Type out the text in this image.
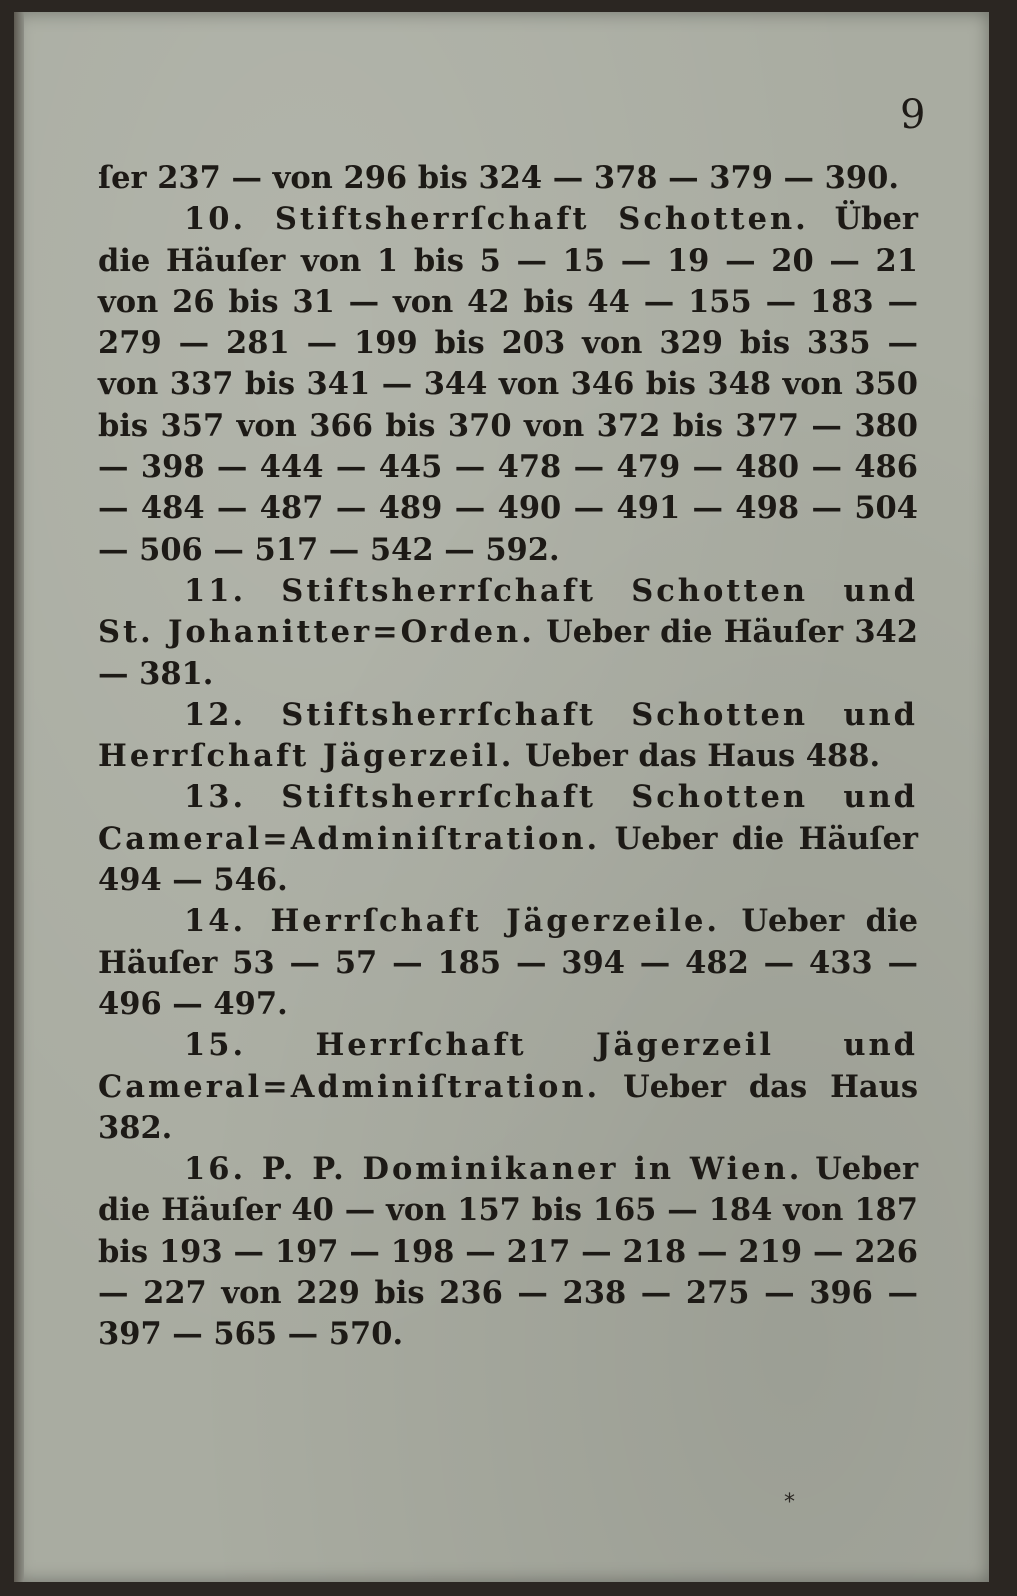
9

ſer 237 — von 296 bis 324 — 378 — 379 — 390.

10. Stiftsherrſchaft Schotten. Über die Häuſer von 1 bis 5 — 15 — 19 — 20 — 21 von 26 bis 31 — von 42 bis 44 — 155 — 183 — 279 — 281 — 199 bis 203 von 329 bis 335 — von 337 bis 341 — 344 von 346 bis 348 von 350 bis 357 von 366 bis 370 von 372 bis 377 — 380 — 398 — 444 — 445 — 478 — 479 — 480 — 486 — 484 — 487 — 489 — 490 — 491 — 498 — 504 — 506 — 517 — 542 — 592.

11. Stiftsherrſchaft Schotten und St. Johanitter=Orden. Ueber die Häuſer 342 — 381.

12. Stiftsherrſchaft Schotten und Herrſchaft Jägerzeil. Ueber das Haus 488.

13. Stiftsherrſchaft Schotten und Cameral=Adminiſtration. Ueber die Häuſer 494 — 546.

14. Herrſchaft Jägerzeile. Ueber die Häuſer 53 — 57 — 185 — 394 — 482 — 433 — 496 — 497.

15. Herrſchaft Jägerzeil und Cameral=Adminiſtration. Ueber das Haus 382.

16. P. P. Dominikaner in Wien. Ueber die Häuſer 40 — von 157 bis 165 — 184 von 187 bis 193 — 197 — 198 — 217 — 218 — 219 — 226 — 227 von 229 bis 236 — 238 — 275 — 396 — 397 — 565 — 570.

*
